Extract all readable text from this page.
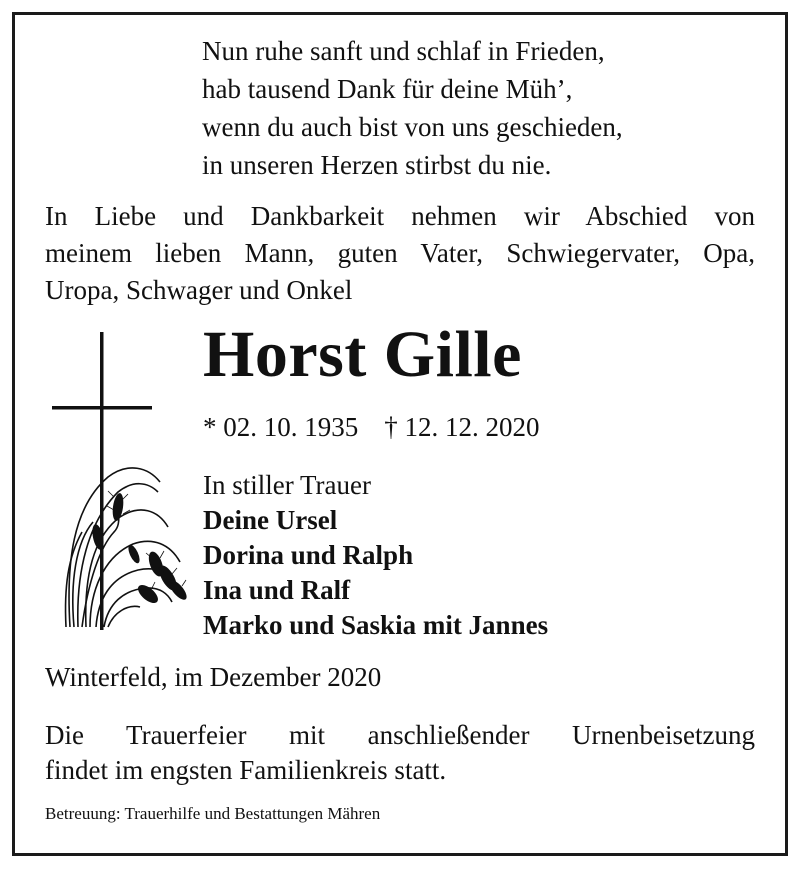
Nun ruhe sanft und schlaf in Frieden,
hab tausend Dank für deine Müh’,
wenn du auch bist von uns geschieden,
in unseren Herzen stirbst du nie.
In Liebe und Dankbarkeit nehmen wir Abschied von
meinem lieben Mann, guten Vater, Schwiegervater, Opa,
Uropa, Schwager und Onkel
Horst Gille
* 02. 10. 1935 † 12. 12. 2020
In stiller Trauer
Deine Ursel
Dorina und Ralph
Ina und Ralf
Marko und Saskia mit Jannes
Winterfeld, im Dezember 2020
Die Trauerfeier mit anschließender Urnenbeisetzung
findet im engsten Familienkreis statt.
Betreuung: Trauerhilfe und Bestattungen Mähren
